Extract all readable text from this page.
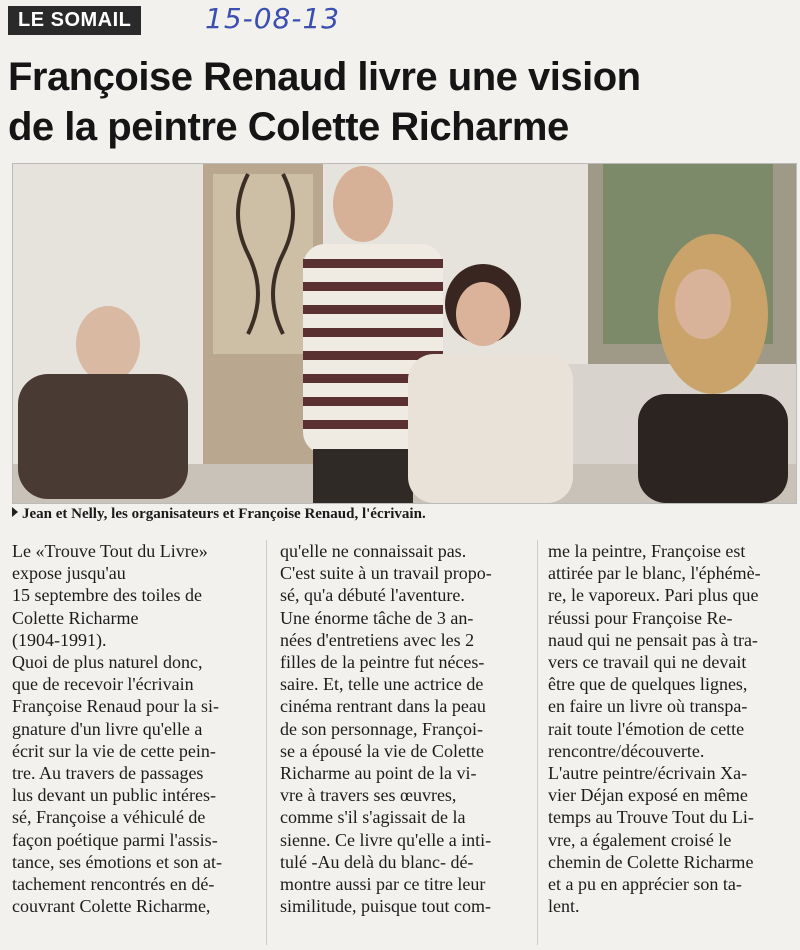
LE SOMAIL	15-08-13
Françoise Renaud livre une vision
de la peintre Colette Richarme
Jean et Nelly, les organisateurs et Françoise Renaud, l'écrivain.
Le «Trouve Tout du Livre»
expose jusqu'au
15 septembre des toiles de
Colette Richarme
(1904-1991).
Quoi de plus naturel donc,
que de recevoir l'écrivain
Françoise Renaud pour la si-
gnature d'un livre qu'elle a
écrit sur la vie de cette pein-
tre. Au travers de passages
lus devant un public intéres-
sé, Françoise a véhiculé de
façon poétique parmi l'assis-
tance, ses émotions et son at-
tachement rencontrés en dé-
couvrant Colette Richarme,
qu'elle ne connaissait pas.
C'est suite à un travail propo-
sé, qu'a débuté l'aventure.
Une énorme tâche de 3 an-
nées d'entretiens avec les 2
filles de la peintre fut néces-
saire. Et, telle une actrice de
cinéma rentrant dans la peau
de son personnage, Françoi-
se a épousé la vie de Colette
Richarme au point de la vi-
vre à travers ses œuvres,
comme s'il s'agissait de la
sienne. Ce livre qu'elle a inti-
tulé -Au delà du blanc- dé-
montre aussi par ce titre leur
similitude, puisque tout com-
me la peintre, Françoise est
attirée par le blanc, l'éphémè-
re, le vaporeux. Pari plus que
réussi pour Françoise Re-
naud qui ne pensait pas à tra-
vers ce travail qui ne devait
être que de quelques lignes,
en faire un livre où transpa-
rait toute l'émotion de cette
rencontre/découverte.
L'autre peintre/écrivain Xa-
vier Déjan exposé en même
temps au Trouve Tout du Li-
vre, a également croisé le
chemin de Colette Richarme
et a pu en apprécier son ta-
lent.
